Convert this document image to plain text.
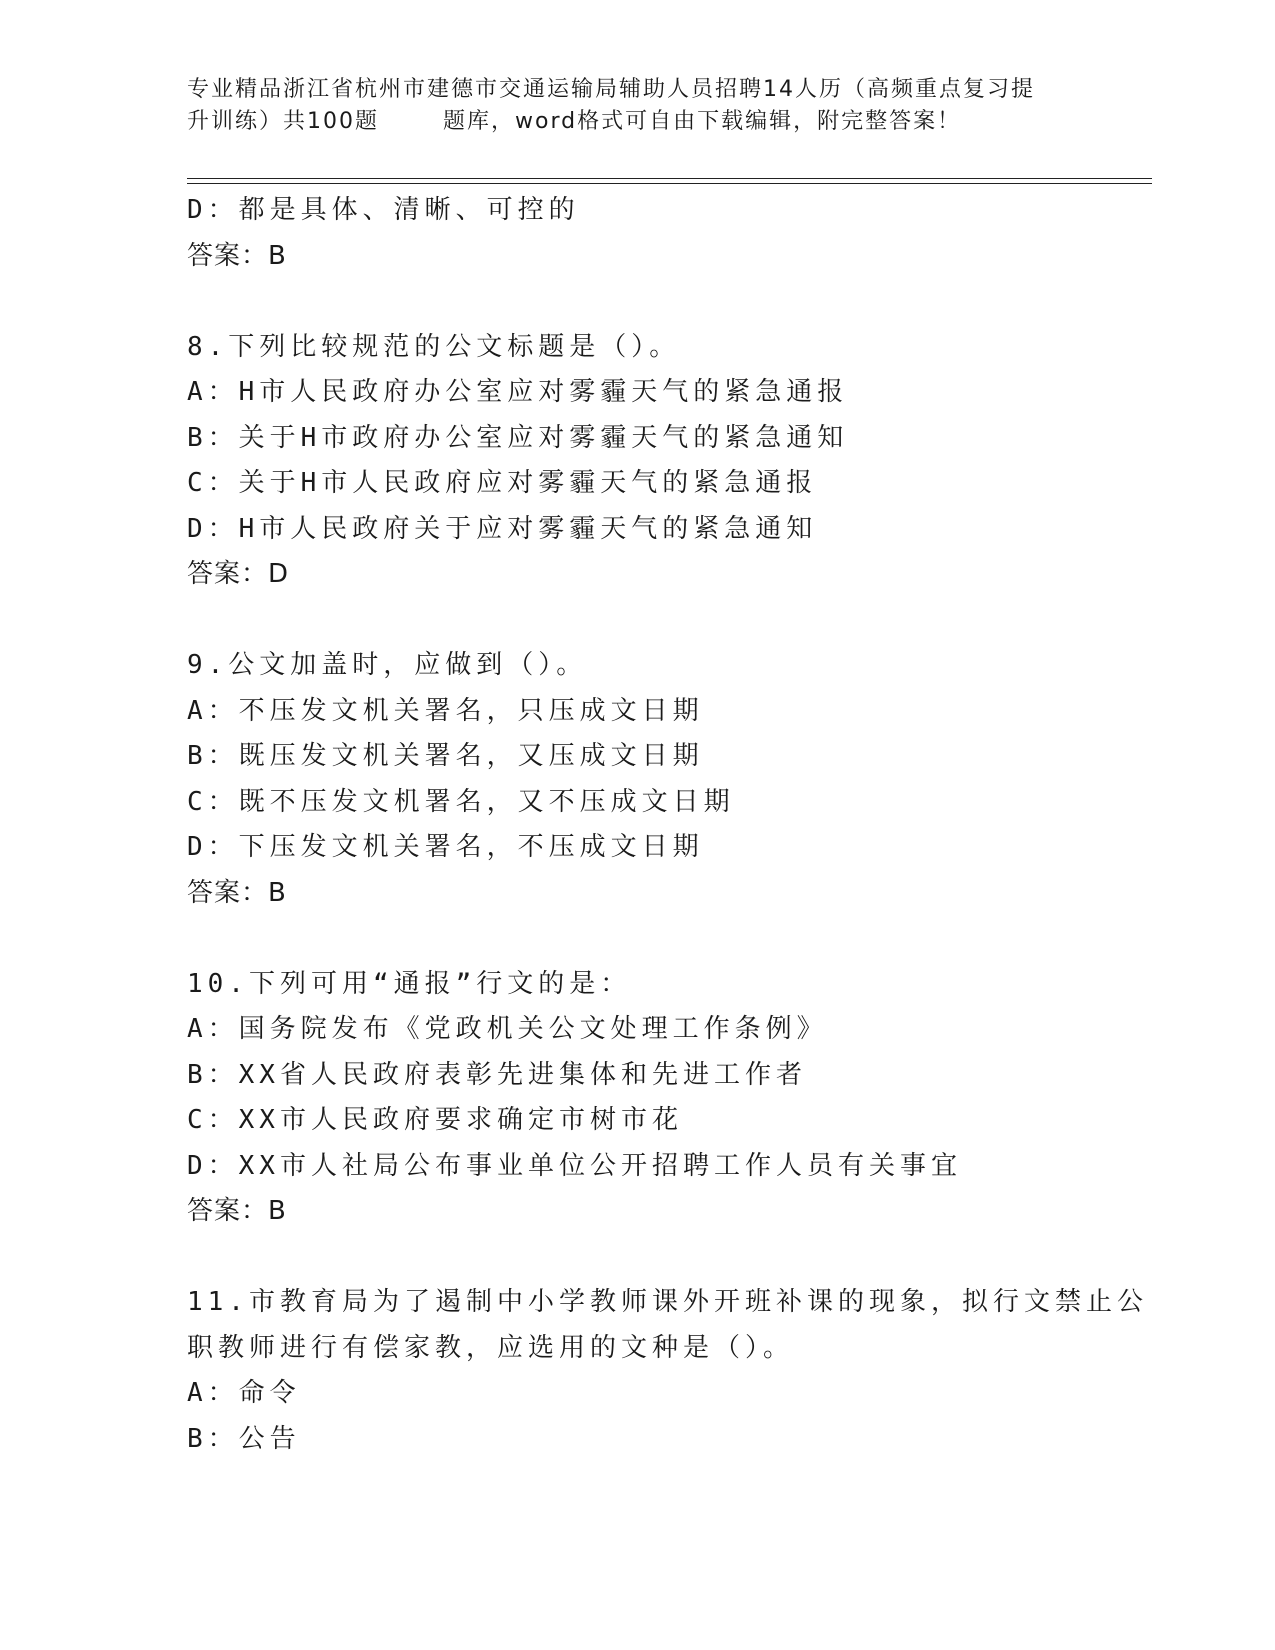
专业精品浙江省杭州市建德市交通运输局辅助人员招聘14人历（高频重点复习提
升训练）共100题	题库，word格式可自由下载编辑，附完整答案！
D：都是具体、清晰、可控的
答案：B
8.下列比较规范的公文标题是（）。
A：H市人民政府办公室应对雾霾天气的紧急通报
B：关于H市政府办公室应对雾霾天气的紧急通知
C：关于H市人民政府应对雾霾天气的紧急通报
D：H市人民政府关于应对雾霾天气的紧急通知
答案：D
9.公文加盖时，应做到（）。
A：不压发文机关署名，只压成文日期
B：既压发文机关署名，又压成文日期
C：既不压发文机署名，又不压成文日期
D：下压发文机关署名，不压成文日期
答案：B
10.下列可用“通报”行文的是：
A：国务院发布《党政机关公文处理工作条例》
B：XX省人民政府表彰先进集体和先进工作者
C：XX市人民政府要求确定市树市花
D：XX市人社局公布事业单位公开招聘工作人员有关事宜
答案：B
11.市教育局为了遏制中小学教师课外开班补课的现象，拟行文禁止公
职教师进行有偿家教，应选用的文种是（）。
A：命令
B：公告
